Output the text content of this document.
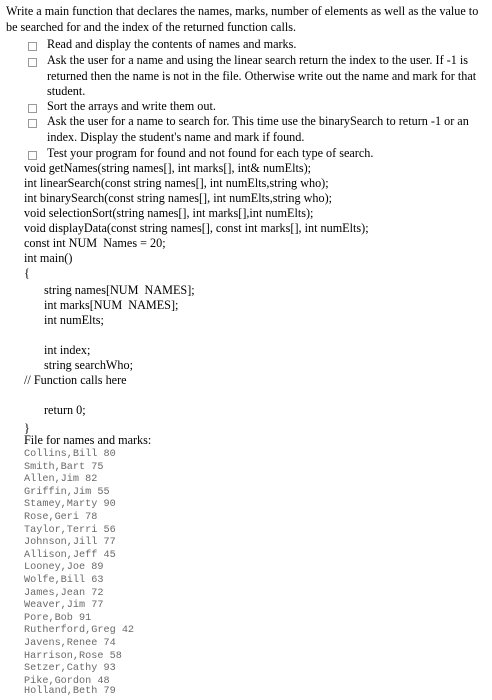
Write a main function that declares the names, marks, number of elements as well as the value to be searched for and the index of the returned function calls.
Read and display the contents of names and marks.
Ask the user for a name and using the linear search return the index to the user. If -1 is returned then the name is not in the file. Otherwise write out the name and mark for that student.
Sort the arrays and write them out.
Ask the user for a name to search for. This time use the binarySearch to return -1 or an index. Display the student's name and mark if found.
Test your program for found and not found for each type of search.
void getNames(string names[], int marks[], int& numElts);
int linearSearch(const string names[], int numElts,string who);
int binarySearch(const string names[], int numElts,string who);
void selectionSort(string names[], int marks[],int numElts);
void displayData(const string names[], const int marks[], int numElts);
const int NUM  Names = 20;
int main()
{
string names[NUM  NAMES];
int marks[NUM  NAMES];
int numElts;
int index;
string searchWho;
// Function calls here
return 0;
}
File for names and marks:
Collins,Bill 80
Smith,Bart 75
Allen,Jim 82
Griffin,Jim 55
Stamey,Marty 90
Rose,Geri 78
Taylor,Terri 56
Johnson,Jill 77
Allison,Jeff 45
Looney,Joe 89
Wolfe,Bill 63
James,Jean 72
Weaver,Jim 77
Pore,Bob 91
Rutherford,Greg 42
Javens,Renee 74
Harrison,Rose 58
Setzer,Cathy 93
Pike,Gordon 48
Holland,Beth 79
